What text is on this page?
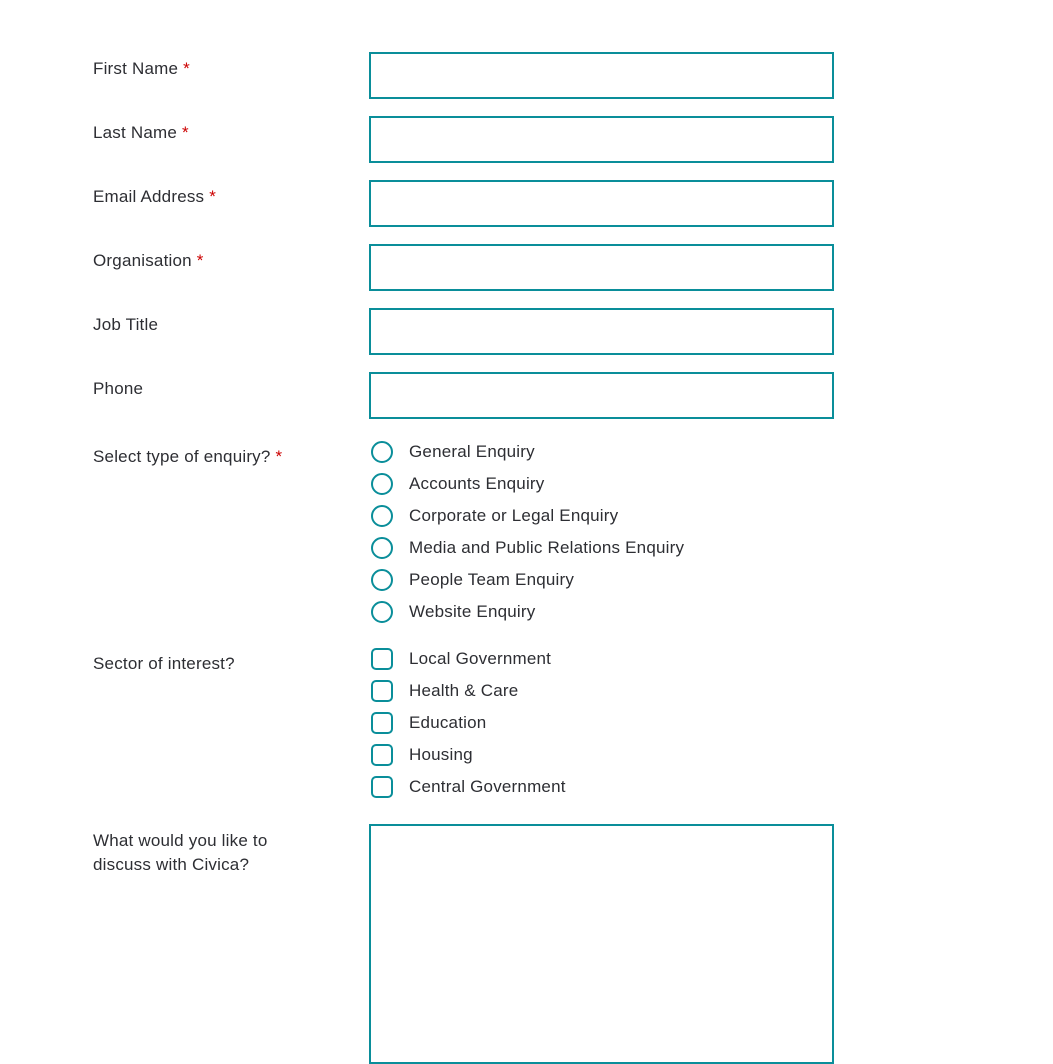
First Name *
Last Name *
Email Address *
Organisation *
Job Title
Phone
Select type of enquiry? *	General Enquiry
Accounts Enquiry
Corporate or Legal Enquiry
Media and Public Relations Enquiry
People Team Enquiry
Website Enquiry
Sector of interest?	Local Government
Health & Care
Education
Housing
Central Government
What would you like to discuss with Civica?
